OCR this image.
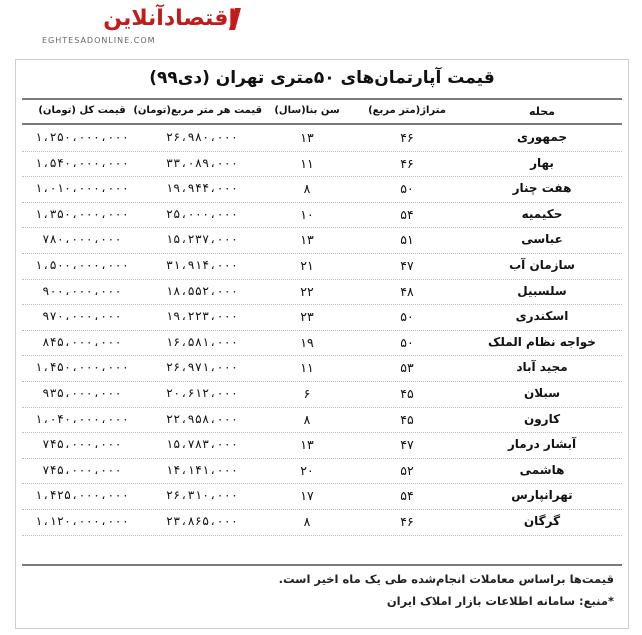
اقتصادآنلاین
EGHTESADONLINE.COM
قیمت آپارتمان‌های ۵۰متری تهران (دی۹۹)
محله
متراژ(متر مربع)
سن بنا(سال)
قیمت هر متر مربع(تومان)
قیمت کل (تومان)
جمهوری
۴۶
۱۳
۲۶،۹۸۰،۰۰۰
۱،۲۵۰،۰۰۰،۰۰۰
بهار
۴۶
۱۱
۳۳،۰۸۹،۰۰۰
۱،۵۴۰،۰۰۰،۰۰۰
هفت چنار
۵۰
۸
۱۹،۹۴۴،۰۰۰
۱،۰۱۰،۰۰۰،۰۰۰
حکیمیه
۵۴
۱۰
۲۵،۰۰۰،۰۰۰
۱،۳۵۰،۰۰۰،۰۰۰
عباسی
۵۱
۱۳
۱۵،۲۳۷،۰۰۰
۷۸۰،۰۰۰،۰۰۰
سازمان آب
۴۷
۲۱
۳۱،۹۱۴،۰۰۰
۱،۵۰۰،۰۰۰،۰۰۰
سلسبیل
۴۸
۲۲
۱۸،۵۵۲،۰۰۰
۹۰۰،۰۰۰،۰۰۰
اسکندری
۵۰
۲۳
۱۹،۲۲۳،۰۰۰
۹۷۰،۰۰۰،۰۰۰
خواجه نظام الملک
۵۰
۱۹
۱۶،۵۸۱،۰۰۰
۸۴۵،۰۰۰،۰۰۰
مجید آباد
۵۳
۱۱
۲۶،۹۷۱،۰۰۰
۱،۴۵۰،۰۰۰،۰۰۰
سبلان
۴۵
۶
۲۰،۶۱۲،۰۰۰
۹۳۵،۰۰۰،۰۰۰
کارون
۴۵
۸
۲۲،۹۵۸،۰۰۰
۱،۰۴۰،۰۰۰،۰۰۰
آبشار درمار
۴۷
۱۳
۱۵،۷۸۳،۰۰۰
۷۴۵،۰۰۰،۰۰۰
هاشمی
۵۲
۲۰
۱۴،۱۴۱،۰۰۰
۷۴۵،۰۰۰،۰۰۰
تهرانپارس
۵۴
۱۷
۲۶،۳۱۰،۰۰۰
۱،۴۲۵،۰۰۰،۰۰۰
گرگان
۴۶
۸
۲۳،۸۶۵،۰۰۰
۱،۱۲۰،۰۰۰،۰۰۰

قیمت‌ها براساس معاملات انجام‌شده طی یک ماه اخیر است.

*منبع: سامانه اطلاعات بازار املاک ایران
